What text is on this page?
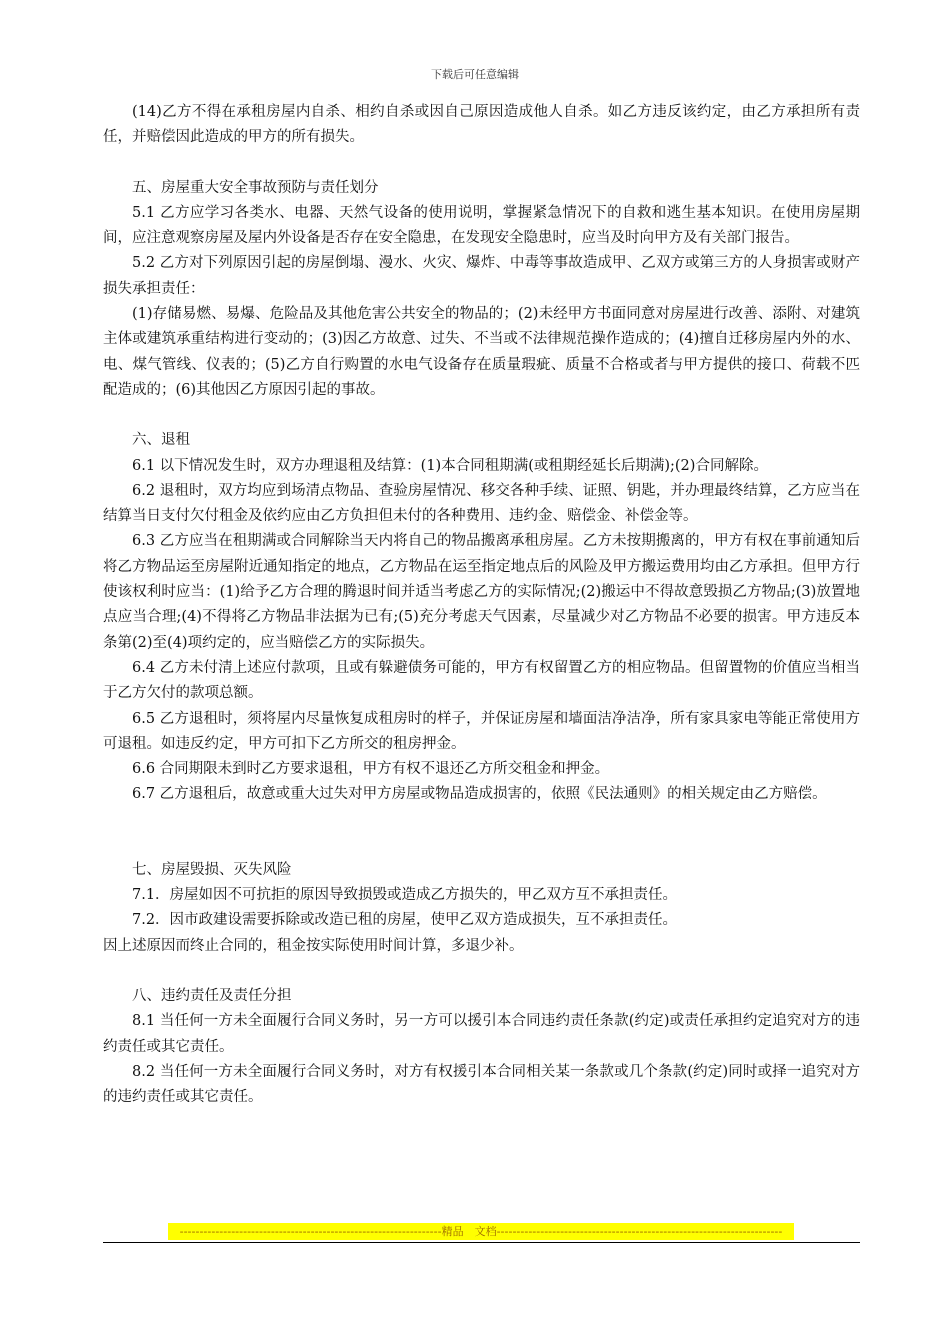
下载后可任意编辑

(14)乙方不得在承租房屋内自杀、相约自杀或因自己原因造成他人自杀。如乙方违反该约定，由乙方承担所有责任，并赔偿因此造成的甲方的所有损失。

五、房屋重大安全事故预防与责任划分

5.1 乙方应学习各类水、电器、天然气设备的使用说明，掌握紧急情况下的自救和逃生基本知识。在使用房屋期间，应注意观察房屋及屋内外设备是否存在安全隐患，在发现安全隐患时，应当及时向甲方及有关部门报告。

5.2 乙方对下列原因引起的房屋倒塌、漫水、火灾、爆炸、中毒等事故造成甲、乙双方或第三方的人身损害或财产损失承担责任：

(1)存储易燃、易爆、危险品及其他危害公共安全的物品的；(2)未经甲方书面同意对房屋进行改善、添附、对建筑主体或建筑承重结构进行变动的；(3)因乙方故意、过失、不当或不法律规范操作造成的；(4)擅自迁移房屋内外的水、电、煤气管线、仪表的；(5)乙方自行购置的水电气设备存在质量瑕疵、质量不合格或者与甲方提供的接口、荷载不匹配造成的；(6)其他因乙方原因引起的事故。

六、退租

6.1 以下情况发生时，双方办理退租及结算：(1)本合同租期满(或租期经延长后期满);(2)合同解除。

6.2 退租时，双方均应到场清点物品、查验房屋情况、移交各种手续、证照、钥匙，并办理最终结算，乙方应当在结算当日支付欠付租金及依约应由乙方负担但未付的各种费用、违约金、赔偿金、补偿金等。

6.3 乙方应当在租期满或合同解除当天内将自己的物品搬离承租房屋。乙方未按期搬离的，甲方有权在事前通知后将乙方物品运至房屋附近通知指定的地点，乙方物品在运至指定地点后的风险及甲方搬运费用均由乙方承担。但甲方行使该权利时应当：(1)给予乙方合理的腾退时间并适当考虑乙方的实际情况;(2)搬运中不得故意毁损乙方物品;(3)放置地点应当合理;(4)不得将乙方物品非法据为已有;(5)充分考虑天气因素，尽量减少对乙方物品不必要的损害。甲方违反本条第(2)至(4)项约定的，应当赔偿乙方的实际损失。

6.4 乙方未付清上述应付款项，且或有躲避债务可能的，甲方有权留置乙方的相应物品。但留置物的价值应当相当于乙方欠付的款项总额。

6.5 乙方退租时，须将屋内尽量恢复成租房时的样子，并保证房屋和墙面洁净洁净，所有家具家电等能正常使用方可退租。如违反约定，甲方可扣下乙方所交的租房押金。

6.6 合同期限未到时乙方要求退租，甲方有权不退还乙方所交租金和押金。

6.7 乙方退租后，故意或重大过失对甲方房屋或物品造成损害的，依照《民法通则》的相关规定由乙方赔偿。

七、房屋毁损、灭失风险

7.1．房屋如因不可抗拒的原因导致损毁或造成乙方损失的，甲乙双方互不承担责任。

7.2．因市政建设需要拆除或改造已租的房屋，使甲乙双方造成损失，互不承担责任。

因上述原因而终止合同的，租金按实际使用时间计算，多退少补。

八、违约责任及责任分担

8.1 当任何一方未全面履行合同义务时，另一方可以援引本合同违约责任条款(约定)或责任承担约定追究对方的违约责任或其它责任。

8.2 当任何一方未全面履行合同义务时，对方有权援引本合同相关某一条款或几个条款(约定)同时或择一追究对方的违约责任或其它责任。

------------------------------------------------------------------精品　文档------------------------------------------------------------------------
